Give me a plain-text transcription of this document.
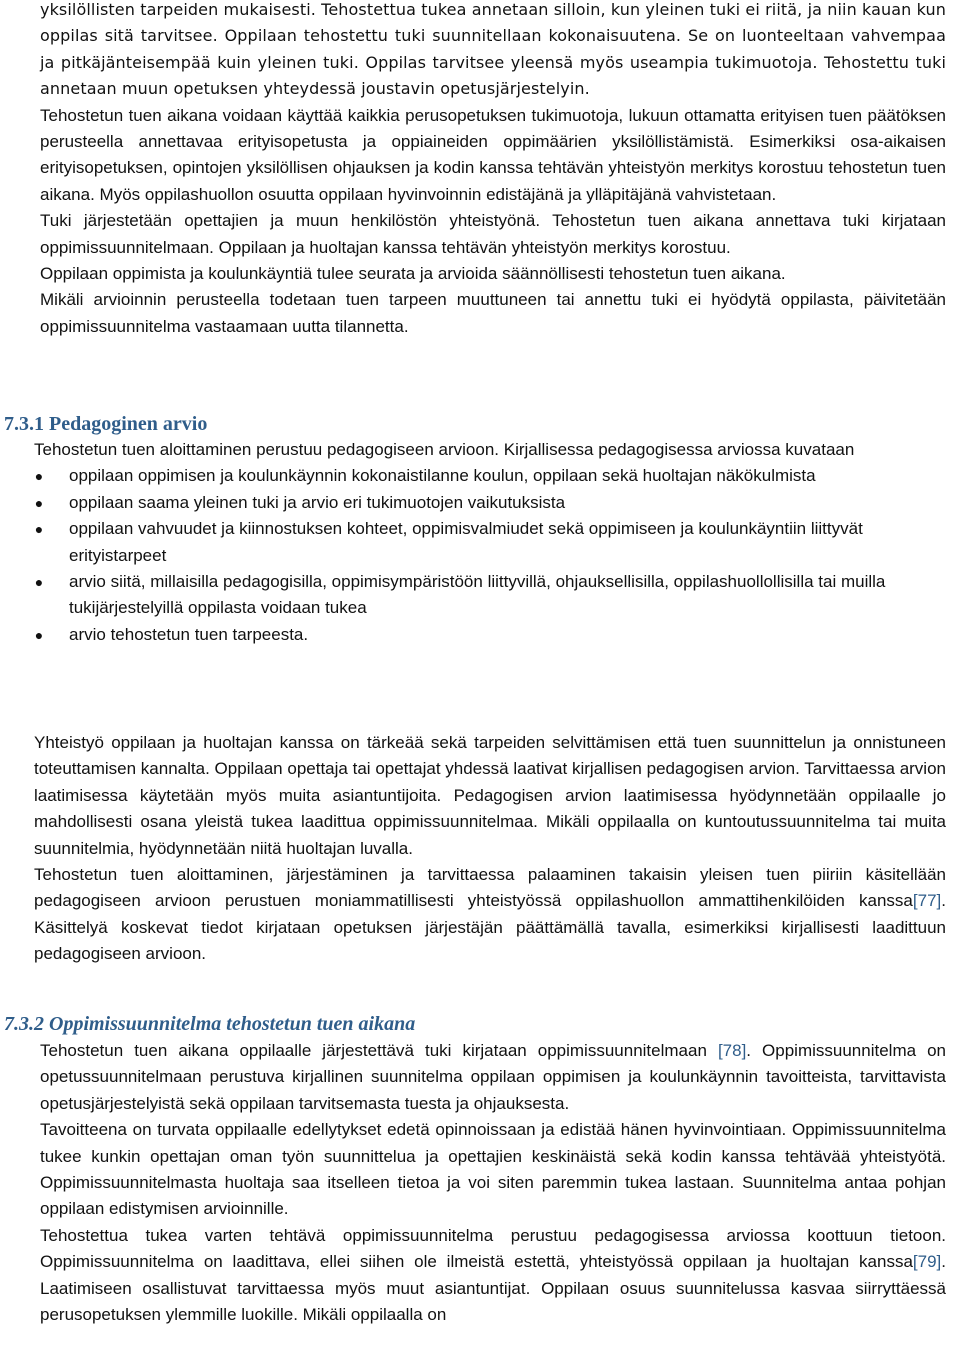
yksilöllisten tarpeiden mukaisesti. Tehostettua tukea annetaan silloin, kun yleinen tuki ei riitä, ja niin kauan kun oppilas sitä tarvitsee. Oppilaan tehostettu tuki suunnitellaan kokonaisuutena. Se on luonteeltaan vahvempaa ja pitkäjänteisempää kuin yleinen tuki. Oppilas tarvitsee yleensä myös useampia tukimuotoja. Tehostettu tuki annetaan muun opetuksen yhteydessä joustavin opetusjärjestelyin.

Tehostetun tuen aikana voidaan käyttää kaikkia perusopetuksen tukimuotoja, lukuun ottamatta erityisen tuen päätöksen perusteella annettavaa erityisopetusta ja oppiaineiden oppimäärien yksilöllistämistä. Esimerkiksi osa-aikaisen erityisopetuksen, opintojen yksilöllisen ohjauksen ja kodin kanssa tehtävän yhteistyön merkitys korostuu tehostetun tuen aikana. Myös oppilashuollon osuutta oppilaan hyvinvoinnin edistäjänä ja ylläpitäjänä vahvistetaan.

Tuki järjestetään opettajien ja muun henkilöstön yhteistyönä. Tehostetun tuen aikana annettava tuki kirjataan oppimissuunnitelmaan. Oppilaan ja huoltajan kanssa tehtävän yhteistyön merkitys korostuu.

Oppilaan oppimista ja koulunkäyntiä tulee seurata ja arvioida säännöllisesti tehostetun tuen aikana.

Mikäli arvioinnin perusteella todetaan tuen tarpeen muuttuneen tai annettu tuki ei hyödytä oppilasta, päivitetään oppimissuunnitelma vastaamaan uutta tilannetta.

7.3.1 Pedagoginen arvio

Tehostetun tuen aloittaminen perustuu pedagogiseen arvioon. Kirjallisessa pedagogisessa arviossa kuvataan

● oppilaan oppimisen ja koulunkäynnin kokonaistilanne koulun, oppilaan sekä huoltajan näkökulmista
● oppilaan saama yleinen tuki ja arvio eri tukimuotojen vaikutuksista
● oppilaan vahvuudet ja kiinnostuksen kohteet, oppimisvalmiudet sekä oppimiseen ja koulunkäyntiin liittyvät erityistarpeet
● arvio siitä, millaisilla pedagogisilla, oppimisympäristöön liittyvillä, ohjauksellisilla, oppilashuollollisilla tai muilla tukijärjestelyillä oppilasta voidaan tukea
● arvio tehostetun tuen tarpeesta.

Yhteistyö oppilaan ja huoltajan kanssa on tärkeää sekä tarpeiden selvittämisen että tuen suunnittelun ja onnistuneen toteuttamisen kannalta. Oppilaan opettaja tai opettajat yhdessä laativat kirjallisen pedagogisen arvion. Tarvittaessa arvion laatimisessa käytetään myös muita asiantuntijoita. Pedagogisen arvion laatimisessa hyödynnetään oppilaalle jo mahdollisesti osana yleistä tukea laadittua oppimissuunnitelmaa. Mikäli oppilaalla on kuntoutussuunnitelma tai muita suunnitelmia, hyödynnetään niitä huoltajan luvalla.

Tehostetun tuen aloittaminen, järjestäminen ja tarvittaessa palaaminen takaisin yleisen tuen piiriin käsitellään pedagogiseen arvioon perustuen moniammatillisesti yhteistyössä oppilashuollon ammattihenkilöiden kanssa[77]. Käsittelyä koskevat tiedot kirjataan opetuksen järjestäjän päättämällä tavalla, esimerkiksi kirjallisesti laadittuun pedagogiseen arvioon.

7.3.2 Oppimissuunnitelma tehostetun tuen aikana

Tehostetun tuen aikana oppilaalle järjestettävä tuki kirjataan oppimissuunnitelmaan [78]. Oppimissuunnitelma on opetussuunnitelmaan perustuva kirjallinen suunnitelma oppilaan oppimisen ja koulunkäynnin tavoitteista, tarvittavista opetusjärjestelyistä sekä oppilaan tarvitsemasta tuesta ja ohjauksesta.

Tavoitteena on turvata oppilaalle edellytykset edetä opinnoissaan ja edistää hänen hyvinvointiaan. Oppimissuunnitelma tukee kunkin opettajan oman työn suunnittelua ja opettajien keskinäistä sekä kodin kanssa tehtävää yhteistyötä. Oppimissuunnitelmasta huoltaja saa itselleen tietoa ja voi siten paremmin tukea lastaan. Suunnitelma antaa pohjan oppilaan edistymisen arvioinnille.

Tehostettua tukea varten tehtävä oppimissuunnitelma perustuu pedagogisessa arviossa koottuun tietoon. Oppimissuunnitelma on laadittava, ellei siihen ole ilmeistä estettä, yhteistyössä oppilaan ja huoltajan kanssa[79]. Laatimiseen osallistuvat tarvittaessa myös muut asiantuntijat. Oppilaan osuus suunnitelussa kasvaa siirryttäessä perusopetuksen ylemmille luokille. Mikäli oppilaalla on
